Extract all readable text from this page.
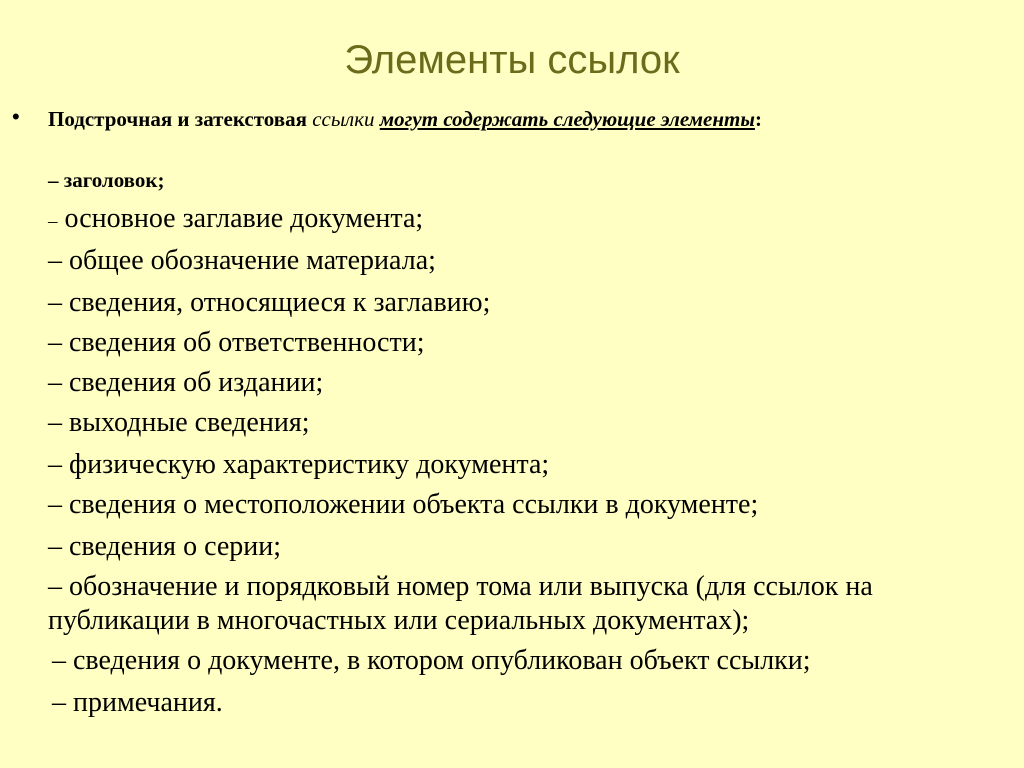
Элементы ссылок
• Подстрочная и затекстовая ссылки могут содержать следующие элементы:
– заголовок;
– основное заглавие документа;
– общее обозначение материала;
– сведения, относящиеся к заглавию;
– сведения об ответственности;
– сведения об издании;
– выходные сведения;
– физическую характеристику документа;
– сведения о местоположении объекта ссылки в документе;
– сведения о серии;
– обозначение и порядковый номер тома или выпуска (для ссылок на публикации в многочастных или сериальных документах);
– сведения о документе, в котором опубликован объект ссылки;
– примечания.
